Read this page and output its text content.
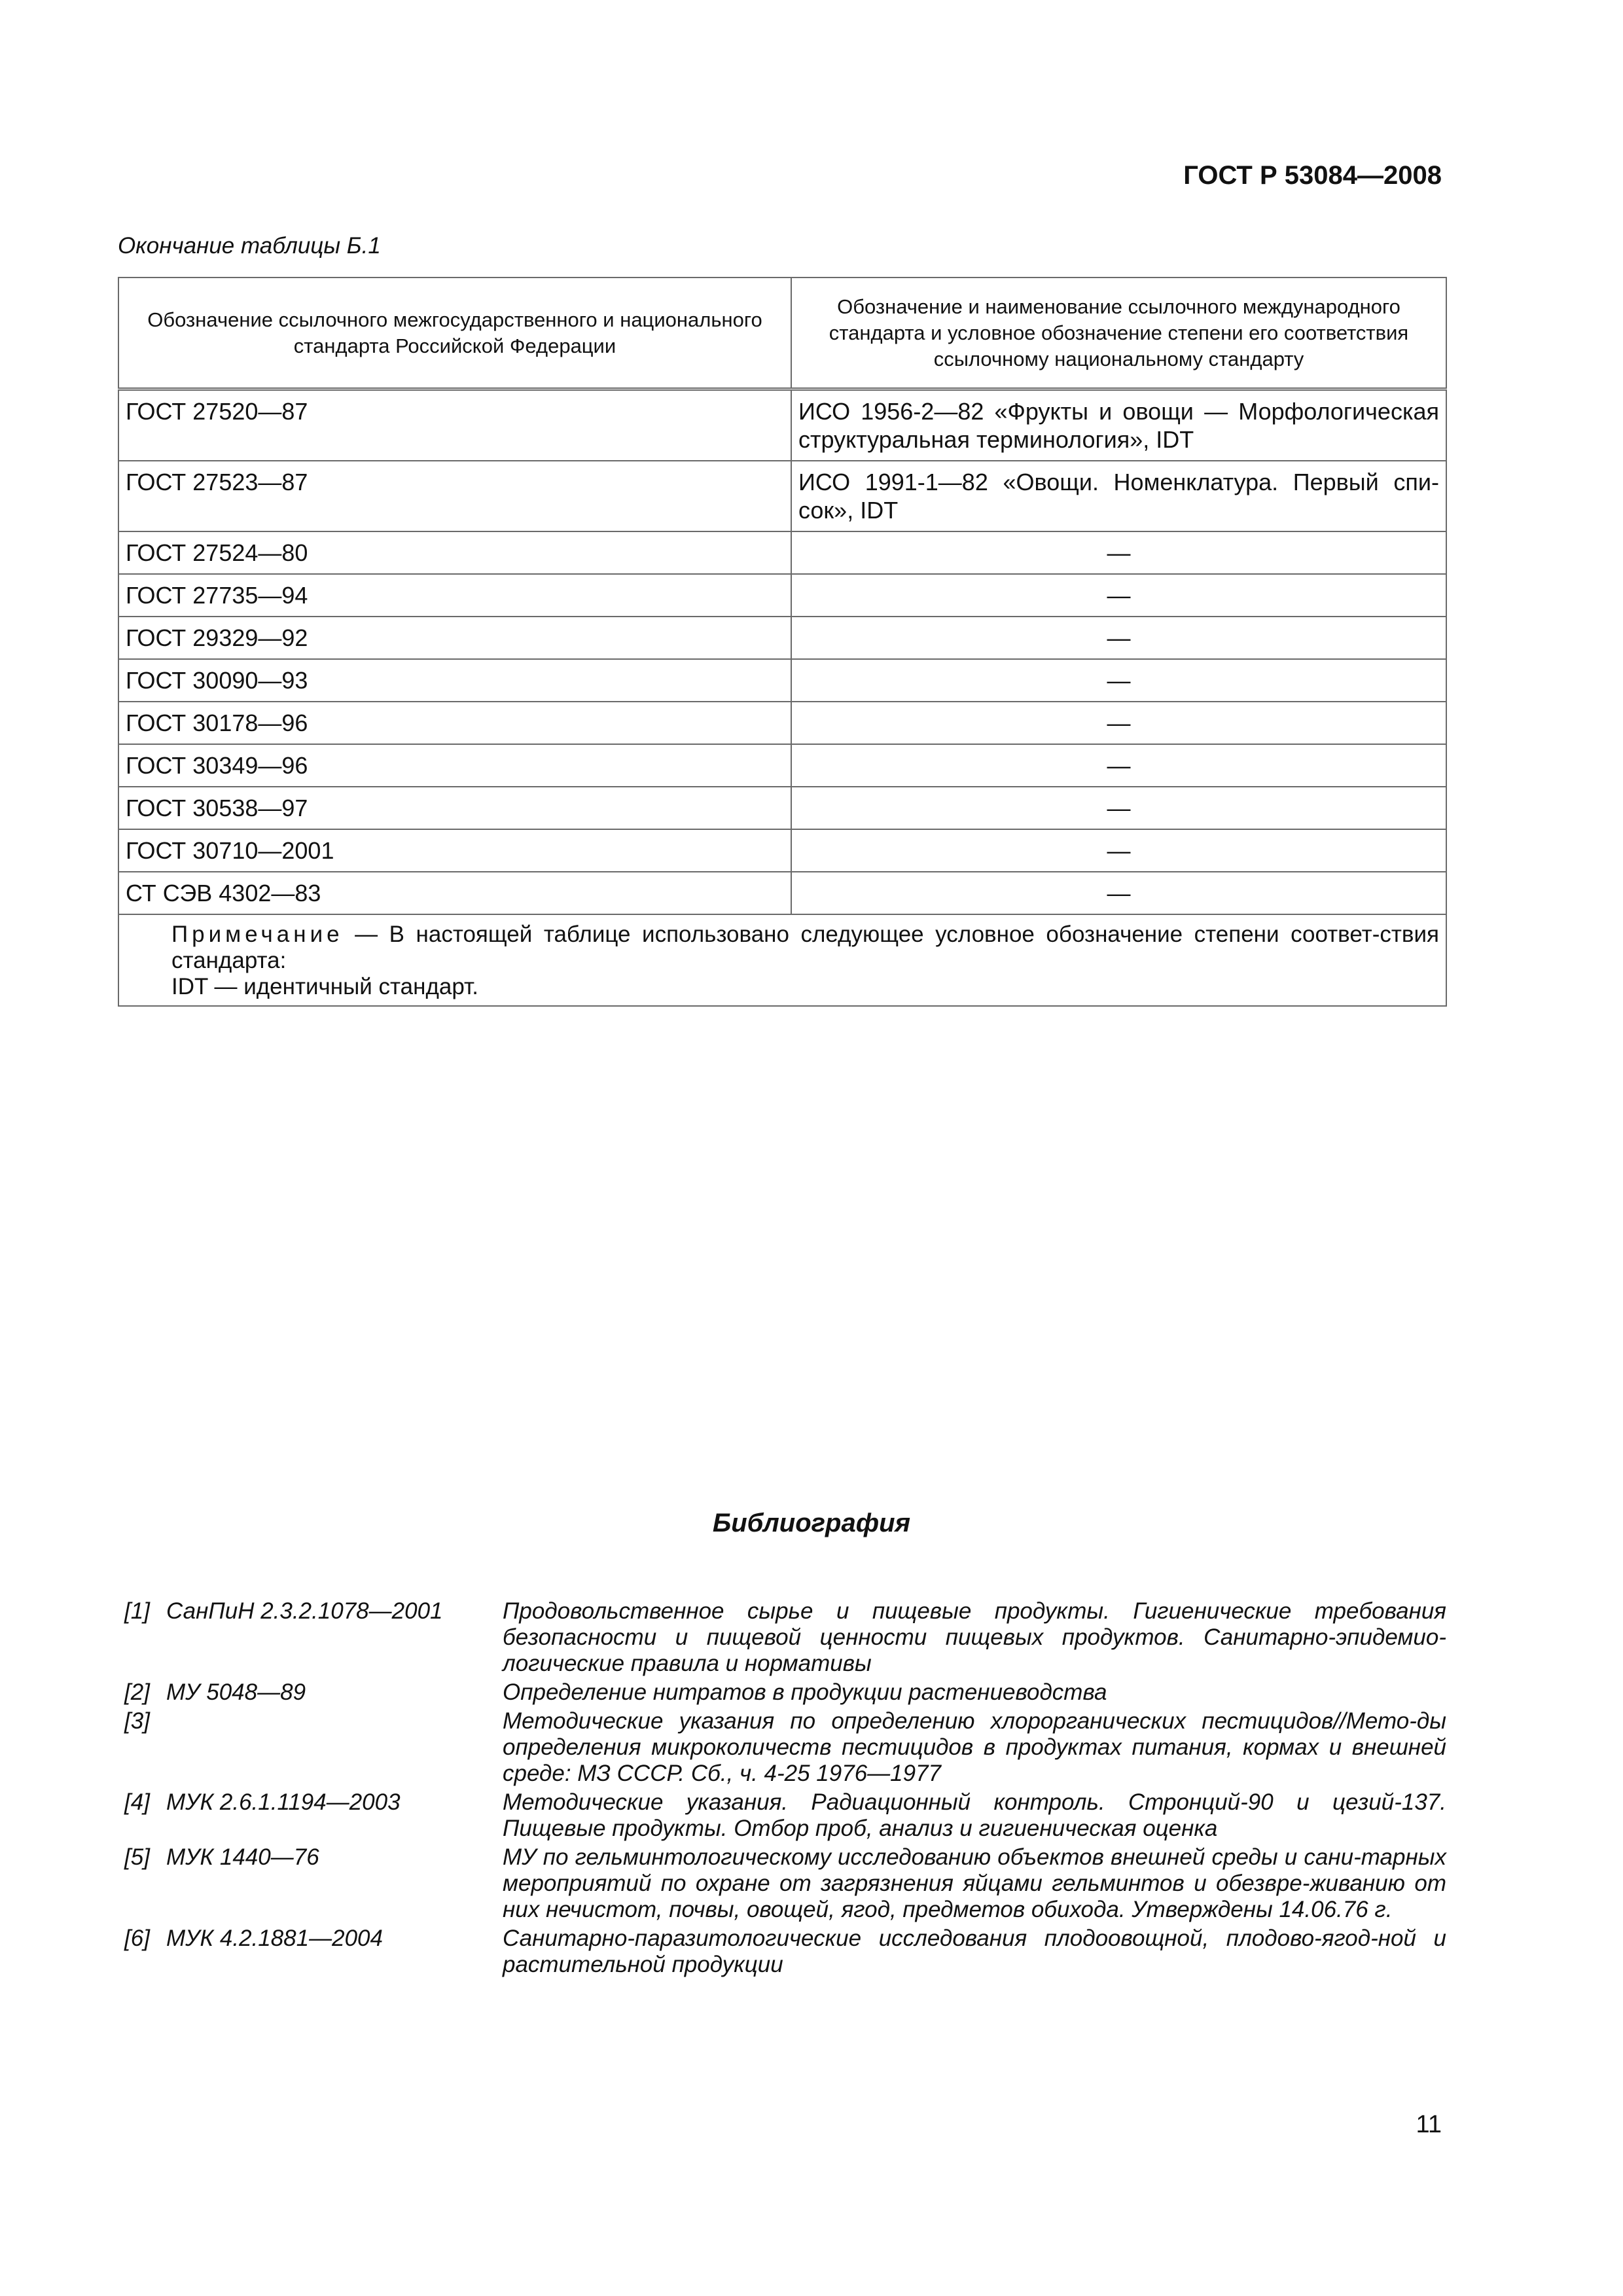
ГОСТ Р 53084—2008
Окончание таблицы Б.1
Обозначение ссылочного межгосударственного и национального стандарта Российской Федерации	Обозначение и наименование ссылочного международного стандарта и условное обозначение степени его соответствия ссылочному национальному стандарту
ГОСТ 27520—87	ИСО 1956-2—82 «Фрукты и овощи — Морфологическая структуральная терминология», IDT
ГОСТ 27523—87	ИСО 1991-1—82 «Овощи. Номенклатура. Первый спи-сок», IDT
ГОСТ 27524—80	—
ГОСТ 27735—94	—
ГОСТ 29329—92	—
ГОСТ 30090—93	—
ГОСТ 30178—96	—
ГОСТ 30349—96	—
ГОСТ 30538—97	—
ГОСТ 30710—2001	—
СТ СЭВ 4302—83	—

Примечание — В настоящей таблице использовано следующее условное обозначение степени соответ-ствия стандарта:
IDT — идентичный стандарт.	
Библиография
[1] СанПиН 2.3.2.1078—2001	Продовольственное сырье и пищевые продукты. Гигиенические требования безопасности и пищевой ценности пищевых продуктов. Санитарно-эпидемио-логические правила и нормативы
[2] МУ 5048—89	Определение нитратов в продукции растениеводства
[3]	Методические указания по определению хлорорганических пестицидов//Мето-ды определения микроколичеств пестицидов в продуктах питания, кормах и внешней среде: МЗ СССР. Сб., ч. 4-25 1976—1977
[4] МУК 2.6.1.1194—2003	Методические указания. Радиационный контроль. Стронций-90 и цезий-137. Пищевые продукты. Отбор проб, анализ и гигиеническая оценка
[5] МУК 1440—76	МУ по гельминтологическому исследованию объектов внешней среды и сани-тарных мероприятий по охране от загрязнения яйцами гельминтов и обезвре-живанию от них нечистот, почвы, овощей, ягод, предметов обихода. Утверждены 14.06.76 г.
[6] МУК 4.2.1881—2004	Санитарно-паразитологические исследования плодоовощной, плодово-ягод-ной и растительной продукции
11
